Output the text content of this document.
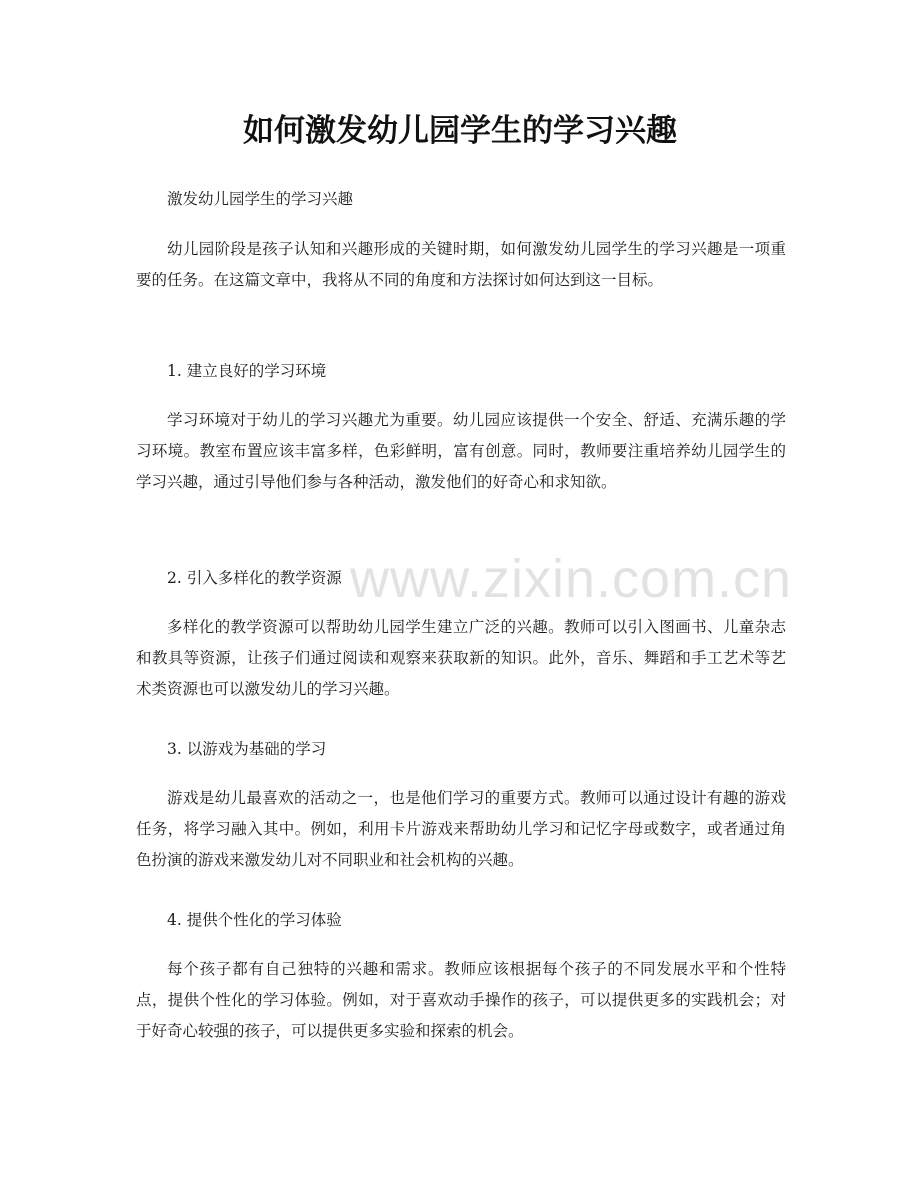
如何激发幼儿园学生的学习兴趣

激发幼儿园学生的学习兴趣

幼儿园阶段是孩子认知和兴趣形成的关键时期，如何激发幼儿园学生的学习兴趣是一项重要的任务。在这篇文章中，我将从不同的角度和方法探讨如何达到这一目标。

1. 建立良好的学习环境

学习环境对于幼儿的学习兴趣尤为重要。幼儿园应该提供一个安全、舒适、充满乐趣的学习环境。教室布置应该丰富多样，色彩鲜明，富有创意。同时，教师要注重培养幼儿园学生的学习兴趣，通过引导他们参与各种活动，激发他们的好奇心和求知欲。

2. 引入多样化的教学资源

多样化的教学资源可以帮助幼儿园学生建立广泛的兴趣。教师可以引入图画书、儿童杂志和教具等资源，让孩子们通过阅读和观察来获取新的知识。此外，音乐、舞蹈和手工艺术等艺术类资源也可以激发幼儿的学习兴趣。

3. 以游戏为基础的学习

游戏是幼儿最喜欢的活动之一，也是他们学习的重要方式。教师可以通过设计有趣的游戏任务，将学习融入其中。例如，利用卡片游戏来帮助幼儿学习和记忆字母或数字，或者通过角色扮演的游戏来激发幼儿对不同职业和社会机构的兴趣。

4. 提供个性化的学习体验

每个孩子都有自己独特的兴趣和需求。教师应该根据每个孩子的不同发展水平和个性特点，提供个性化的学习体验。例如，对于喜欢动手操作的孩子，可以提供更多的实践机会；对于好奇心较强的孩子，可以提供更多实验和探索的机会。

www.zixin.com.cn
